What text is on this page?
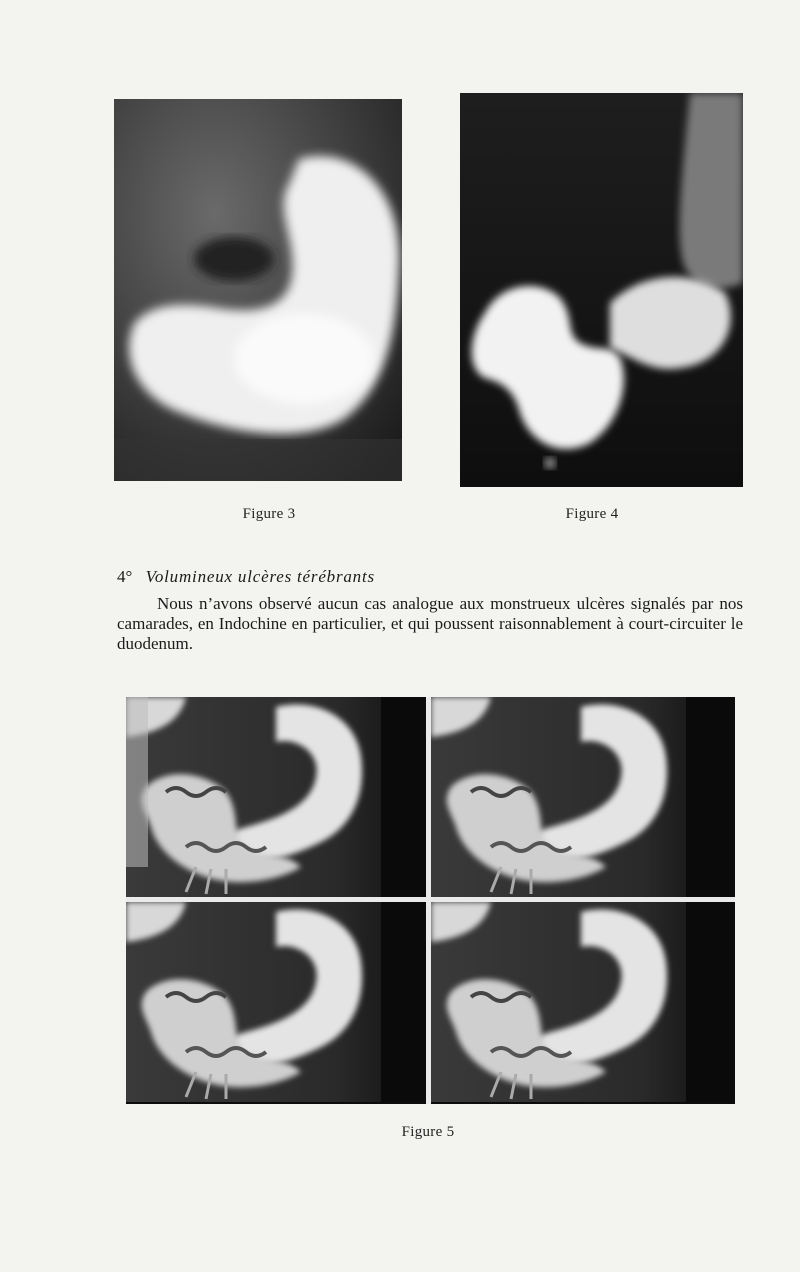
Figure 3	Figure 4
4° Volumineux ulcères térébrants

Nous n’avons observé aucun cas analogue aux monstrueux ulcères signalés par nos camarades, en Indochine en particulier, et qui poussent raisonnablement à court-circuiter le duodenum.

Figure 5
